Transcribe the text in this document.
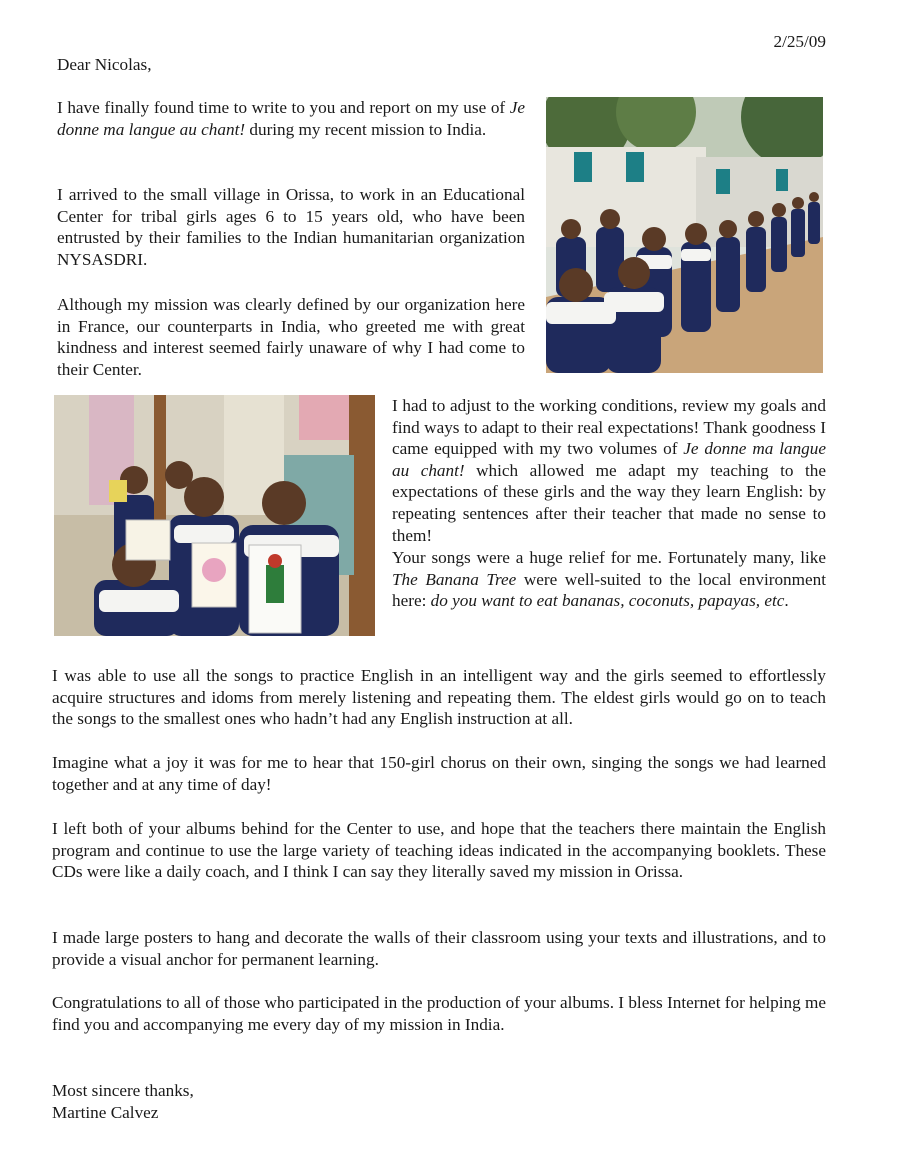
2/25/09
Dear Nicolas,

I have finally found time to write to you and report on my use of Je donne ma langue au chant! during my recent mission to India.

I arrived to the small village in Orissa, to work in an Educational Center for tribal girls ages 6 to 15 years old, who have been entrusted by their families to the Indian humanitarian organization NYSASDRI.

Although my mission was clearly defined by our organization here in France, our counterparts in India, who greeted me with great kindness and interest seemed fairly unaware of why I had come to their Center.

I had to adjust to the working conditions, review my goals and find ways to adapt to their real expectations! Thank goodness I came equipped with my two volumes of Je donne ma langue au chant! which allowed me adapt my teaching to the expectations of these girls and the way they learn English: by repeating sentences after their teacher that made no sense to them!

Your songs were a huge relief for me. Fortunately many, like The Banana Tree were well-suited to the local environment here: do you want to eat bananas, coconuts, papayas, etc.

I was able to use all the songs to practice English in an intelligent way and the girls seemed to effortlessly acquire structures and idoms from merely listening and repeating them. The eldest girls would go on to teach the songs to the smallest ones who hadn’t had any English instruction at all.

Imagine what a joy it was for me to hear that 150-girl chorus on their own, singing the songs we had learned together and at any time of day!

I left both of your albums behind for the Center to use, and hope that the teachers there maintain the English program and continue to use the large variety of teaching ideas indicated in the accompanying booklets. These CDs were like a daily coach, and I think I can say they literally saved my mission in Orissa.

I made large posters to hang and decorate the walls of their classroom using your texts and illustrations, and to provide a visual anchor for permanent learning.

Congratulations to all of those who participated in the production of your albums. I bless Internet for helping me find you and accompanying me every day of my mission in India.

Most sincere thanks,
Martine Calvez
